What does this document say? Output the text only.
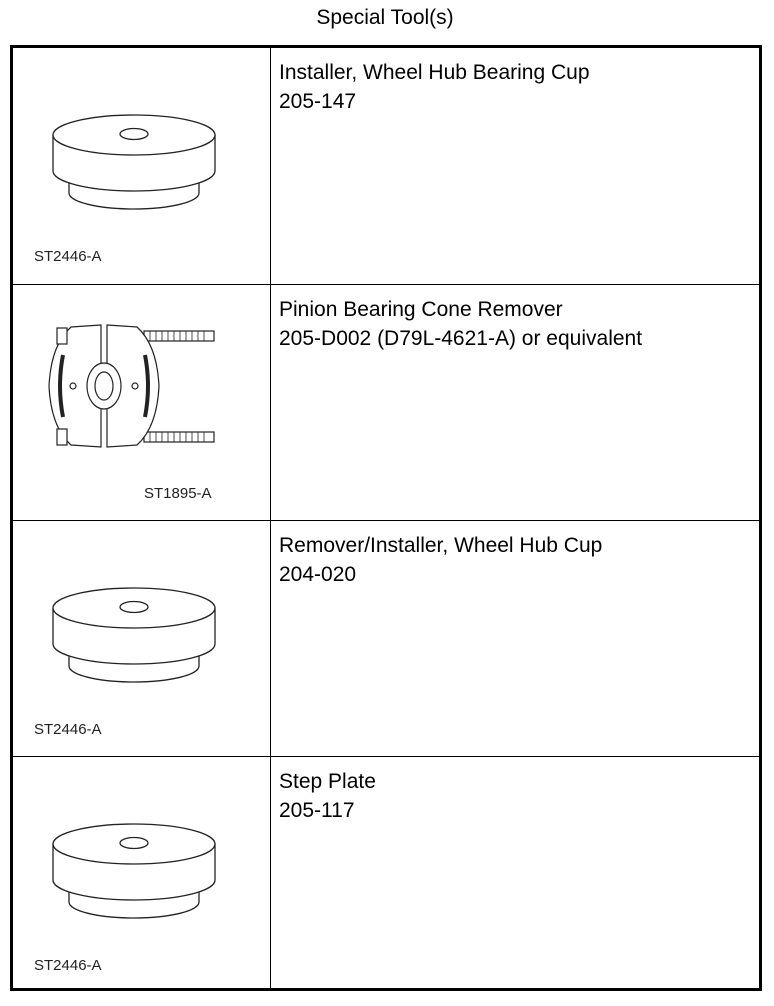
Special Tool(s)
ST2446-A
Installer, Wheel Hub Bearing Cup
205-147
ST1895-A
Pinion Bearing Cone Remover
205-D002 (D79L-4621-A) or equivalent
ST2446-A
Remover/Installer, Wheel Hub Cup
204-020
ST2446-A
Step Plate
205-117
